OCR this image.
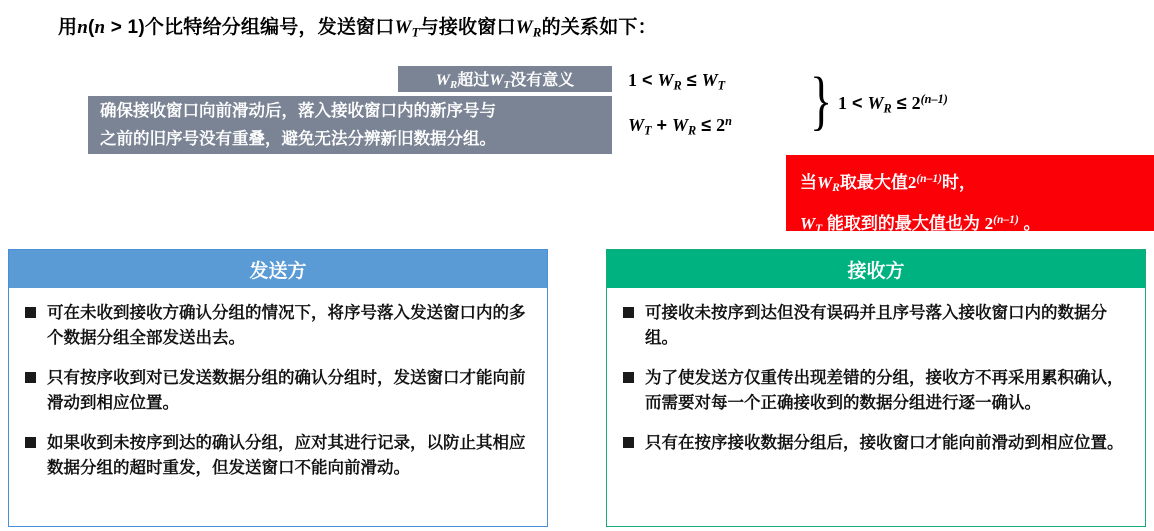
用n(n > 1)个比特给分组编号，发送窗口$W_T$与接收窗口$W_R$的关系如下：
$W_R$超过$W_T$没有意义
确保接收窗口向前滑动后，落入接收窗口内的新序号与
之前的旧序号没有重叠，避免无法分辨新旧数据分组。
$1 < W_R \le W_T$
$W_T + W_R \le 2^n$ } $1 < W_R \le 2^{(n-1)}$
当$W_R$取最大值2$^{(n-1)}$时，
$W_T$ 能取到的最大值也为 2$^{(n-1)}$ 。
发送方
可在未收到接收方确认分组的情况下，将序号落入发送窗口内的多个数据分组全部发送出去。
只有按序收到对已发送数据分组的确认分组时，发送窗口才能向前滑动到相应位置。
如果收到未按序到达的确认分组，应对其进行记录，以防止其相应数据分组的超时重发，但发送窗口不能向前滑动。
接收方
可接收未按序到达但没有误码并且序号落入接收窗口内的数据分组。
为了使发送方仅重传出现差错的分组，接收方不再采用累积确认，而需要对每一个正确接收到的数据分组进行逐一确认。
只有在按序接收数据分组后，接收窗口才能向前滑动到相应位置。
